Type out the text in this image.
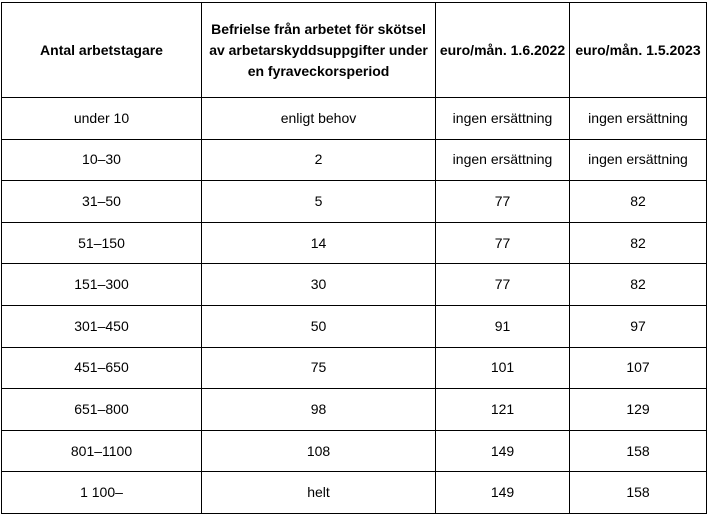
Antal arbetstagare	Befrielse från arbetet för skötsel av arbetarskyddsuppgifter under en fyraveckorsperiod	euro/mån. 1.6.2022	euro/mån. 1.5.2023
under 10	enligt behov	ingen ersättning	ingen ersättning
10–30	2	ingen ersättning	ingen ersättning
31–50	5	77	82
51–150	14	77	82
151–300	30	77	82
301–450	50	91	97
451–650	75	101	107
651–800	98	121	129
801–1100	108	149	158
1 100–	helt	149	158
